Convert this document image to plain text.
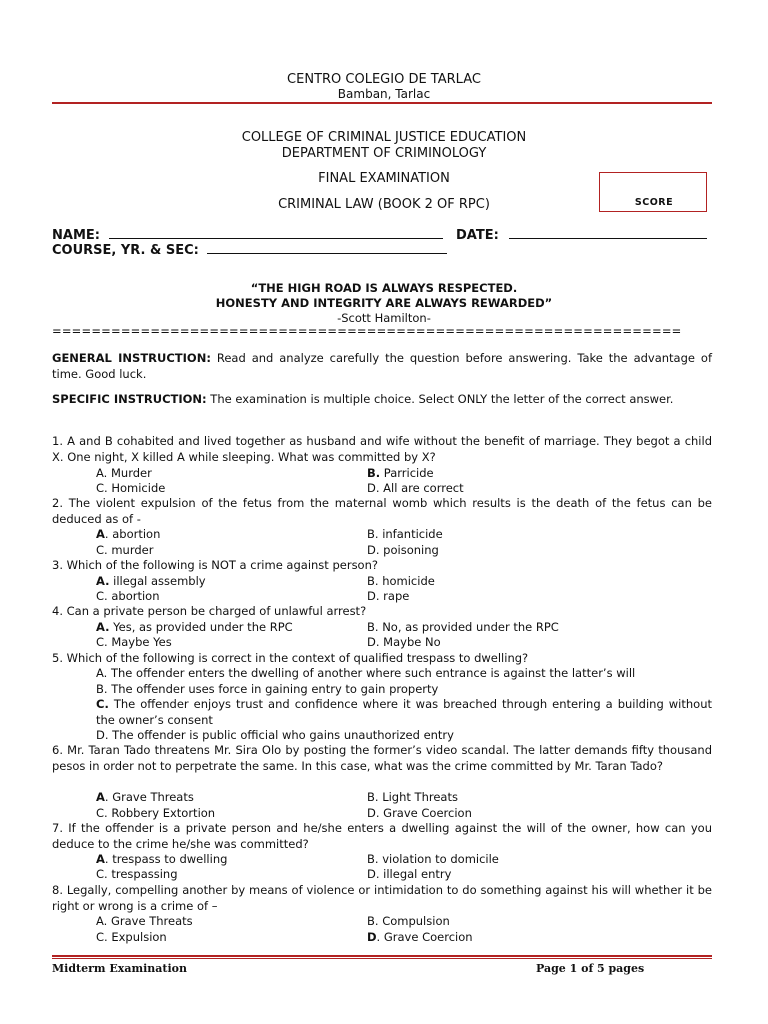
CENTRO COLEGIO DE TARLAC
Bamban, Tarlac
COLLEGE OF CRIMINAL JUSTICE EDUCATION
DEPARTMENT OF CRIMINOLOGY
FINAL EXAMINATION
CRIMINAL LAW (BOOK 2 OF RPC)	SCORE
NAME:	DATE:
COURSE, YR. & SEC:
“THE HIGH ROAD IS ALWAYS RESPECTED.
HONESTY AND INTEGRITY ARE ALWAYS REWARDED”
-Scott Hamilton-
================================================================
GENERAL INSTRUCTION: Read and analyze carefully the question before answering. Take the advantage of time. Good luck.
SPECIFIC INSTRUCTION: The examination is multiple choice. Select ONLY the letter of the correct answer.
1. A and B cohabited and lived together as husband and wife without the benefit of marriage. They begot a child X. One night, X killed A while sleeping. What was committed by X?
A. Murder	B. Parricide
C. Homicide	D. All are correct
2. The violent expulsion of the fetus from the maternal womb which results is the death of the fetus can be deduced as of -
A. abortion	B. infanticide
C. murder	D. poisoning
3. Which of the following is NOT a crime against person?
A. illegal assembly	B. homicide
C. abortion	D. rape
4. Can a private person be charged of unlawful arrest?
A. Yes, as provided under the RPC	B. No, as provided under the RPC
C. Maybe Yes	D. Maybe No
5. Which of the following is correct in the context of qualified trespass to dwelling?
A. The offender enters the dwelling of another where such entrance is against the latter’s will
B. The offender uses force in gaining entry to gain property
C. The offender enjoys trust and confidence where it was breached through entering a building without the owner’s consent
D. The offender is public official who gains unauthorized entry
6. Mr. Taran Tado threatens Mr. Sira Olo by posting the former’s video scandal. The latter demands fifty thousand pesos in order not to perpetrate the same. In this case, what was the crime committed by Mr. Taran Tado?
A. Grave Threats	B. Light Threats
C. Robbery Extortion	D. Grave Coercion
7. If the offender is a private person and he/she enters a dwelling against the will of the owner, how can you deduce to the crime he/she was committed?
A. trespass to dwelling	B. violation to domicile
C. trespassing	D. illegal entry
8. Legally, compelling another by means of violence or intimidation to do something against his will whether it be right or wrong is a crime of –
A. Grave Threats	B. Compulsion
C. Expulsion	D. Grave Coercion
Midterm Examination	Page 1 of 5 pages
